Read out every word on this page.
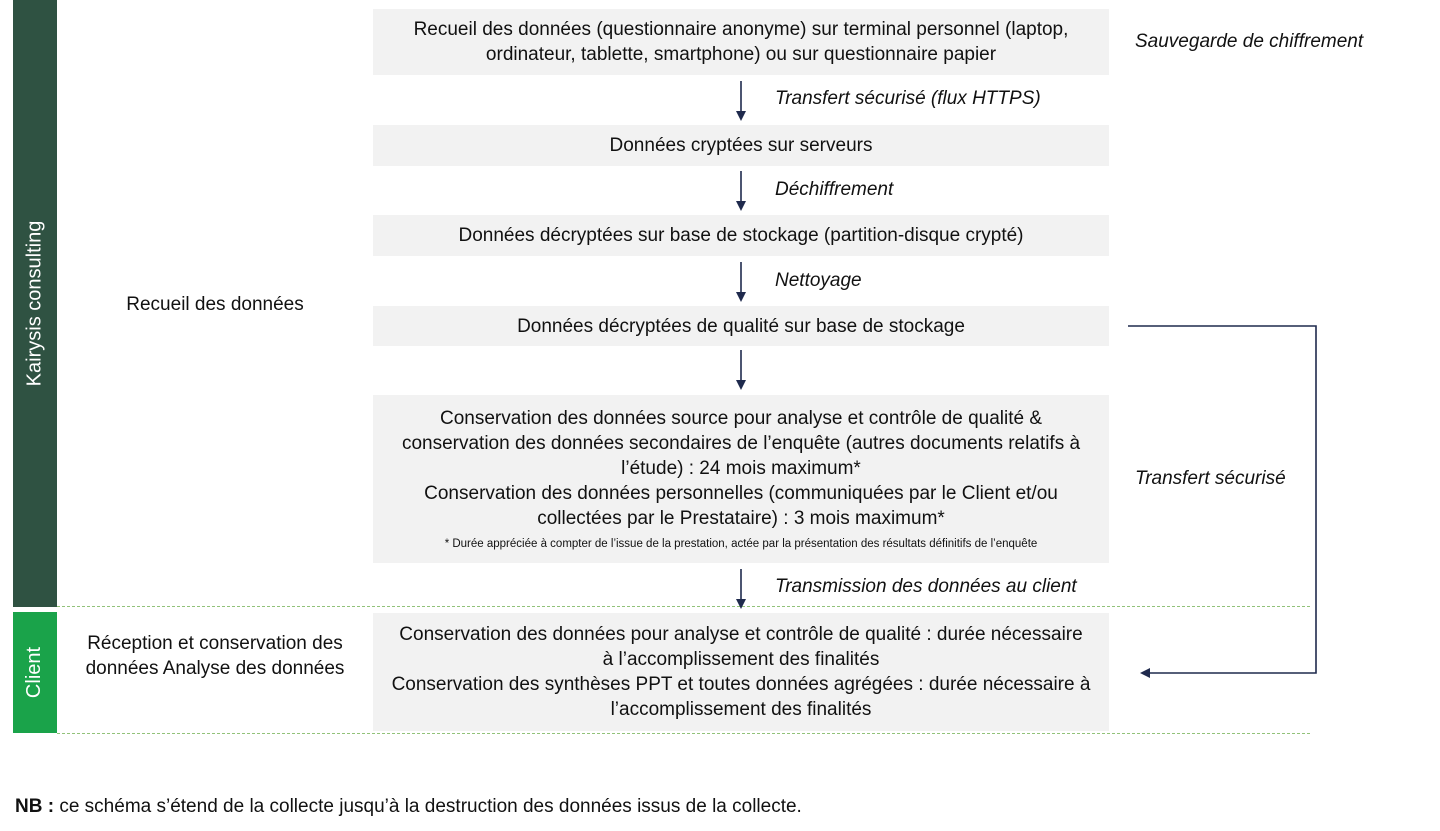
Kairysis consulting
Client
Recueil des données
Réception et conservation des données Analyse des données
Recueil des données (questionnaire anonyme) sur terminal personnel (laptop,
ordinateur, tablette, smartphone) ou sur questionnaire papier
Données cryptées sur serveurs
Données décryptées sur base de stockage (partition-disque crypté)
Données décryptées de qualité sur base de stockage
Conservation des données source pour analyse et contrôle de qualité &
conservation des données secondaires de l’enquête (autres documents relatifs à
l’étude) : 24 mois maximum*
Conservation des données personnelles (communiquées par le Client et/ou
collectées par le Prestataire) : 3 mois maximum*
* Durée appréciée à compter de l’issue de la prestation, actée par la présentation des résultats définitifs de l’enquête
Conservation des données pour analyse et contrôle de qualité : durée nécessaire
à l’accomplissement des finalités
Conservation des synthèses PPT et toutes données agrégées : durée nécessaire à
l’accomplissement des finalités
Sauvegarde de chiffrement
Transfert sécurisé (flux HTTPS)
Déchiffrement
Nettoyage
Transmission des données au client
Transfert sécurisé
NB : ce schéma s’étend de la collecte jusqu’à la destruction des données issus de la collecte.
